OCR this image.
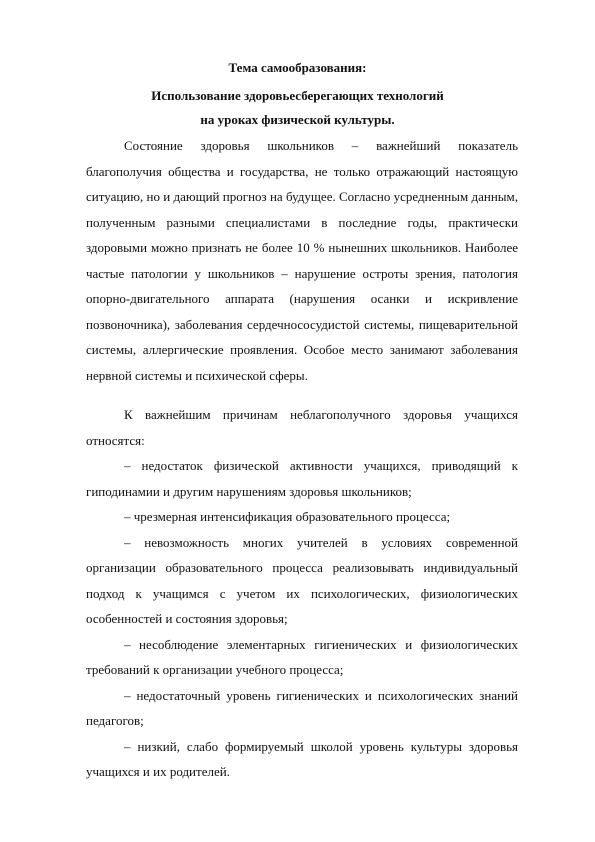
Тема самообразования:
Использование здоровьесберегающих технологий
на уроках физической культуры.

Состояние здоровья школьников – важнейший показатель благополучия общества и государства, не только отражающий настоящую ситуацию, но и дающий прогноз на будущее. Согласно усредненным данным, полученным разными специалистами в последние годы, практически здоровыми можно признать не более 10 % нынешних школьников. Наиболее частые патологии у школьников – нарушение остроты зрения, патология опорно-двигательного аппарата (нарушения осанки и искривление позвоночника), заболевания сердечнососудистой системы, пищеварительной системы, аллергические проявления. Особое место занимают заболевания нервной системы и психической сферы.

К важнейшим причинам неблагополучного здоровья учащихся относятся:

– недостаток физической активности учащихся, приводящий к гиподинамии и другим нарушениям здоровья школьников;

– чрезмерная интенсификация образовательного процесса;

– невозможность многих учителей в условиях современной организации образовательного процесса реализовывать индивидуальный подход к учащимся с учетом их психологических, физиологических особенностей и состояния здоровья;

– несоблюдение элементарных гигиенических и физиологических требований к организации учебного процесса;

– недостаточный уровень гигиенических и психологических знаний педагогов;

– низкий, слабо формируемый школой уровень культуры здоровья учащихся и их родителей.
